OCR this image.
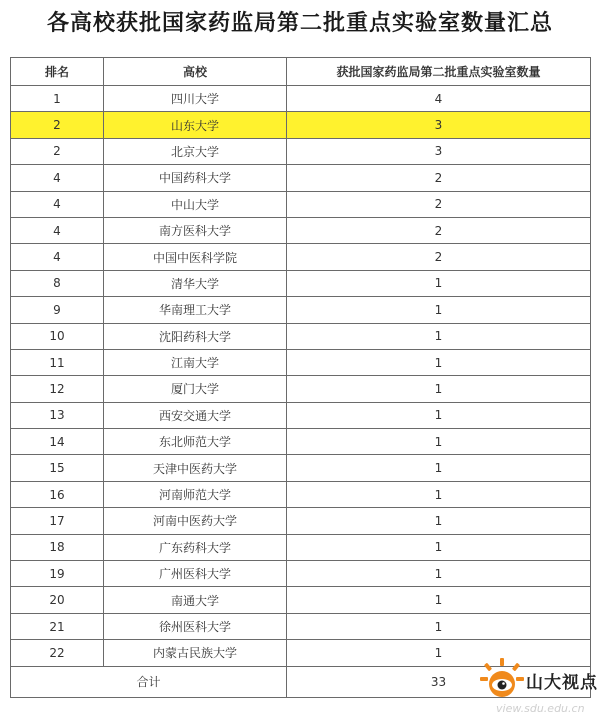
各高校获批国家药监局第二批重点实验室数量汇总
排名	高校	获批国家药监局第二批重点实验室数量
1	四川大学	4
2	山东大学	3
2	北京大学	3
4	中国药科大学	2
4	中山大学	2
4	南方医科大学	2
4	中国中医科学院	2
8	清华大学	1
9	华南理工大学	1
10	沈阳药科大学	1
11	江南大学	1
12	厦门大学	1
13	西安交通大学	1
14	东北师范大学	1
15	天津中医药大学	1
16	河南师范大学	1
17	河南中医药大学	1
18	广东药科大学	1
19	广州医科大学	1
20	南通大学	1
21	徐州医科大学	1
22	内蒙古民族大学	1
合计		33	山大视点
view.sdu.edu.cn
